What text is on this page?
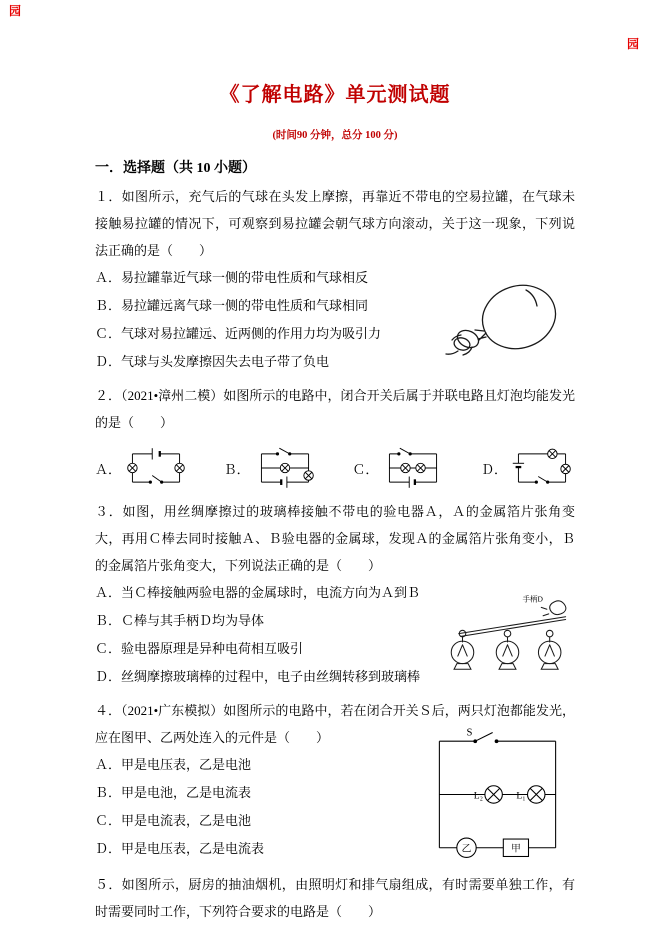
园
园
《了解电路》单元测试题
(时间90 分钟，总分 100 分)
一．选择题（共 10 小题）

１．如图所示，充气后的气球在头发上摩擦，再靠近不带电的空易拉罐，在气球未接触易拉罐的情况下，可观察到易拉罐会朝气球方向滚动，关于这一现象，下列说法正确的是（　　）

Ａ．易拉罐靠近气球一侧的带电性质和气球相反

Ｂ．易拉罐远离气球一侧的带电性质和气球相同

Ｃ．气球对易拉罐远、近两侧的作用力均为吸引力

Ｄ．气球与头发摩擦因失去电子带了负电

２．（2021•漳州二模）如图所示的电路中，闭合开关后属于并联电路且灯泡均能发光的是（　　）

Ａ．	Ｂ．	Ｃ．	Ｄ．

３．如图，用丝绸摩擦过的玻璃棒接触不带电的验电器Ａ，Ａ的金属箔片张角变大，再用Ｃ棒去同时接触Ａ、Ｂ验电器的金属球，发现Ａ的金属箔片张角变小，Ｂ的金属箔片张角变大，下列说法正确的是（　　）

Ａ．当Ｃ棒接触两验电器的金属球时，电流方向为Ａ到Ｂ

Ｂ．Ｃ棒与其手柄Ｄ均为导体

Ｃ．验电器原理是异种电荷相互吸引

Ｄ．丝绸摩擦玻璃棒的过程中，电子由丝绸转移到玻璃棒

手柄D

４．（2021•广东模拟）如图所示的电路中，若在闭合开关Ｓ后，两只灯泡都能发光，应在图甲、乙两处连入的元件是（　　）

Ａ．甲是电压表，乙是电池

Ｂ．甲是电池，乙是电流表

Ｃ．甲是电流表，乙是电池

Ｄ．甲是电压表，乙是电流表

S
L₂	L₁
乙	甲

５．如图所示，厨房的抽油烟机，由照明灯和排气扇组成，有时需要单独工作，有时需要同时工作，下列符合要求的电路是（　　）
